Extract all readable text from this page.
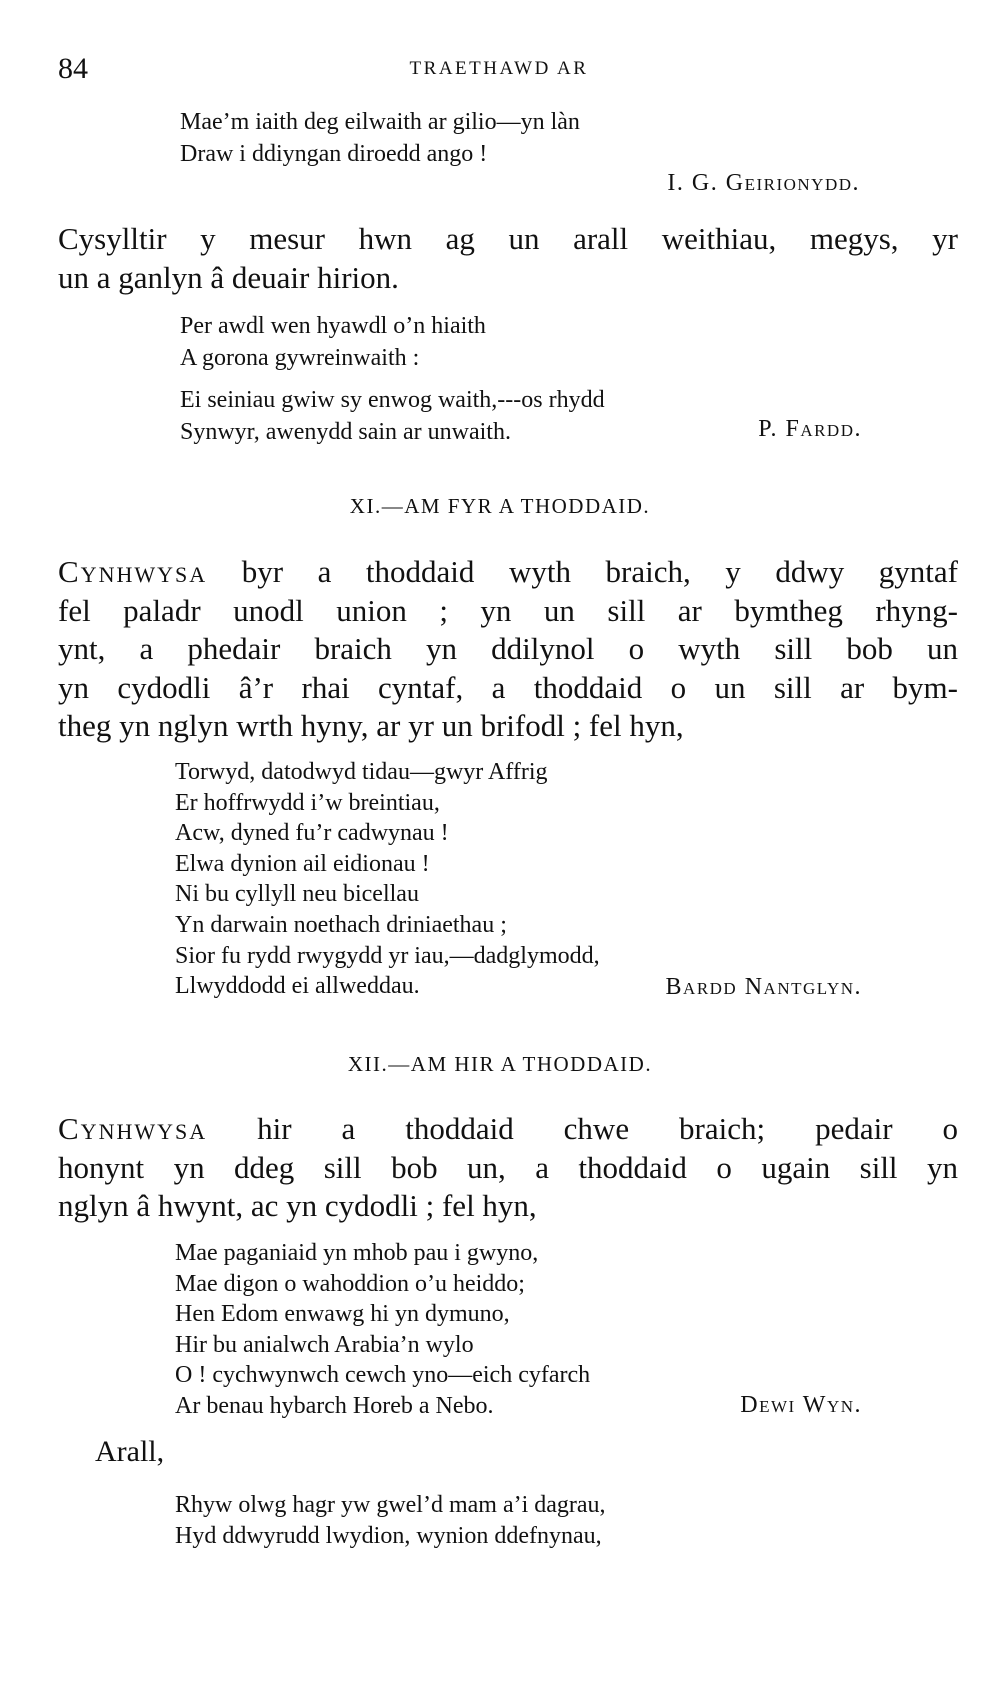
84	TRAETHAWD AR
Mae’m iaith deg eilwaith ar gilio—yn làn
Draw i ddiyngan diroedd ango !
I. G. Geirionydd.
Cysylltir y mesur hwn ag un arall weithiau, megys, yr
un a ganlyn â deuair hirion.
Per awdl wen hyawdl o’n hiaith
A gorona gywreinwaith :
Ei seiniau gwiw sy enwog waith,---os rhydd
Synwyr, awenydd sain ar unwaith.	P. Fardd.
XI.—AM FYR A THODDAID.
Cynhwysa byr a thoddaid wyth braich, y ddwy gyntaf
fel paladr unodl union ; yn un sill ar bymtheg rhyng-
ynt, a phedair braich yn ddilynol o wyth sill bob un
yn cydodli â’r rhai cyntaf, a thoddaid o un sill ar bym-
theg yn nglyn wrth hyny, ar yr un brifodl ; fel hyn,
Torwyd, datodwyd tidau—gwyr Affrig
Er hoffrwydd i’w breintiau,
Acw, dyned fu’r cadwynau !
Elwa dynion ail eidionau !
Ni bu cyllyll neu bicellau
Yn darwain noethach driniaethau ;
Sior fu rydd rwygydd yr iau,—dadglymodd,
Llwyddodd ei allweddau.	Bardd Nantglyn.
XII.—AM HIR A THODDAID.
Cynhwysa hir a thoddaid chwe braich; pedair o
honynt yn ddeg sill bob un, a thoddaid o ugain sill yn
nglyn â hwynt, ac yn cydodli ; fel hyn,
Mae paganiaid yn mhob pau i gwyno,
Mae digon o wahoddion o’u heiddo;
Hen Edom enwawg hi yn dymuno,
Hir bu anialwch Arabia’n wylo
O ! cychwynwch cewch yno—eich cyfarch
Ar benau hybarch Horeb a Nebo.	Dewi Wyn.
Arall,
Rhyw olwg hagr yw gwel’d mam a’i dagrau,
Hyd ddwyrudd lwydion, wynion ddefnynau,
